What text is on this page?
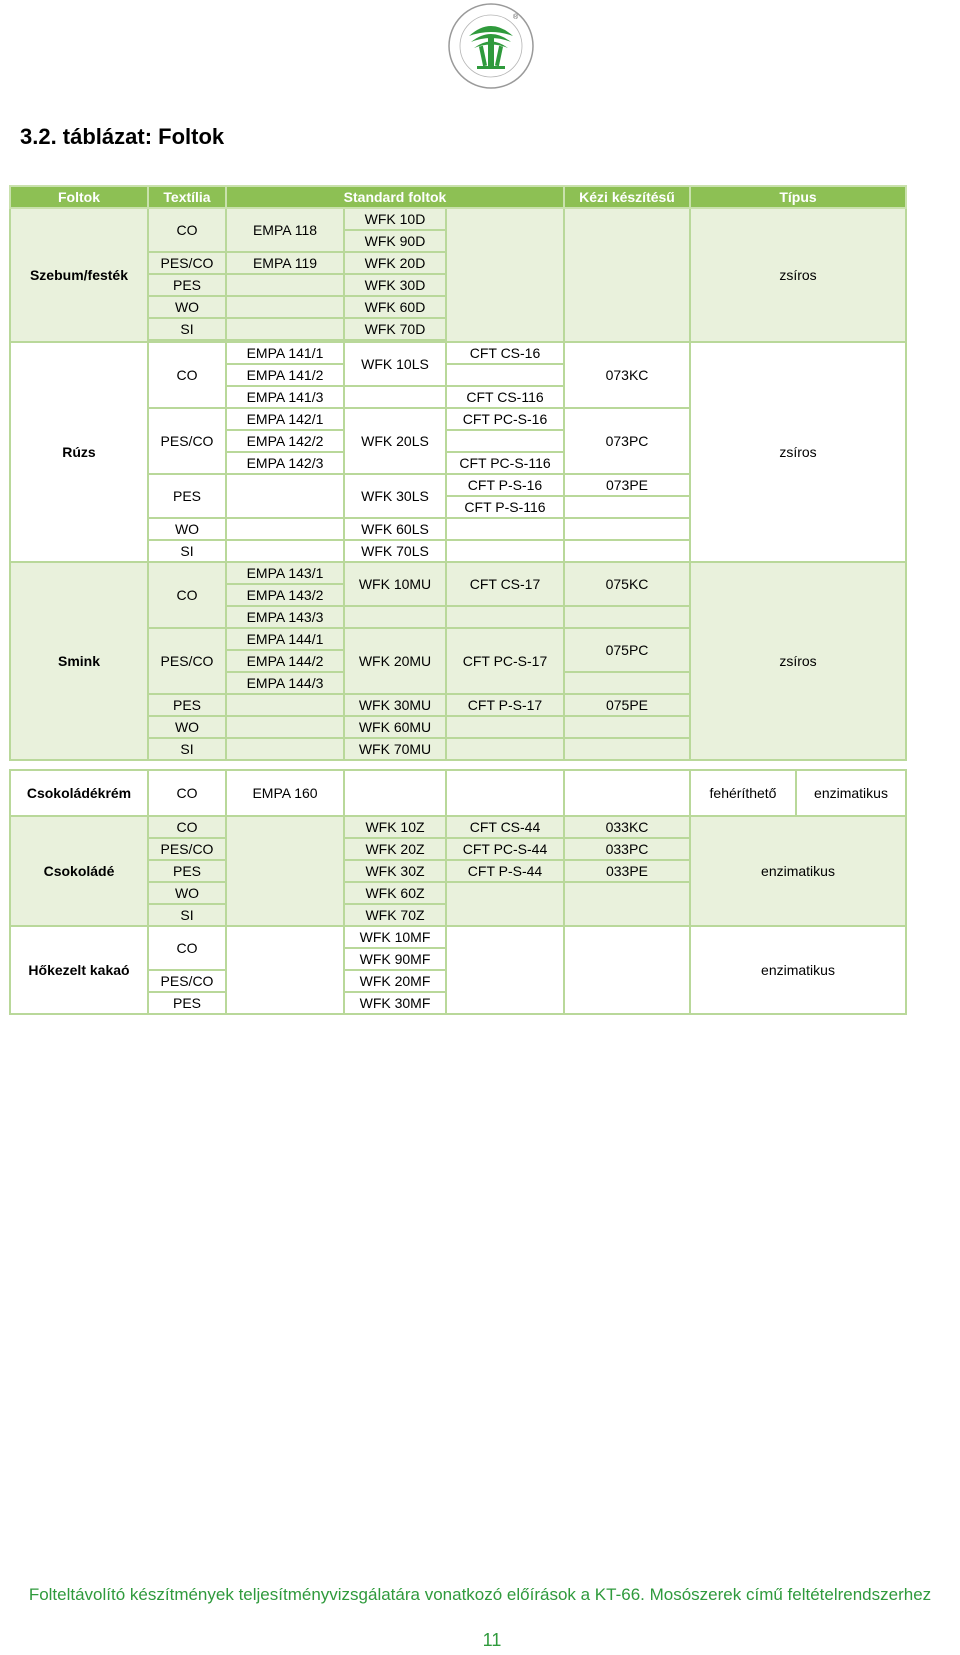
®
3.2. táblázat: Foltok
Foltok	Textília	Standard foltok			Kézi készítésű	Típus
Szebum/festék	CO	EMPA 118	WFK 10D			zsíros
			WFK 90D			
	PES/CO	EMPA 119	WFK 20D			
	PES		WFK 30D			
	WO		WFK 60D			
	SI		WFK 70D			

Rúzs	CO	EMPA 141/1	WFK 10LS	CFT CS-16	073KC	zsíros
		EMPA 141/2				
		EMPA 141/3		CFT CS-116		
	PES/CO	EMPA 142/1	WFK 20LS	CFT PC-S-16	073PC	
		EMPA 142/2				
		EMPA 142/3		CFT PC-S-116		
	PES		WFK 30LS	CFT P-S-16	073PE	
				CFT P-S-116		
	WO		WFK 60LS			
	SI		WFK 70LS			
Smink	CO	EMPA 143/1	WFK 10MU	CFT CS-17	075KC	zsíros
		EMPA 143/2				
		EMPA 143/3				
	PES/CO	EMPA 144/1	WFK 20MU	CFT PC-S-17	075PC	
		EMPA 144/2				
		EMPA 144/3				
	PES		WFK 30MU	CFT P-S-17	075PE	
	WO		WFK 60MU			
	SI		WFK 70MU			
Csokoládékrém	CO	EMPA 160				fehéríthető	enzimatikus
Csokoládé	CO		WFK 10Z	CFT CS-44	033KC	enzimatikus
	PES/CO		WFK 20Z	CFT PC-S-44	033PC	
	PES		WFK 30Z	CFT P-S-44	033PE	
	WO		WFK 60Z			
	SI		WFK 70Z			
Hőkezelt kakaó	CO		WFK 10MF			enzimatikus
			WFK 90MF			
	PES/CO		WFK 20MF			
	PES		WFK 30MF			
Folteltávolító készítmények teljesítményvizsgálatára vonatkozó előírások a KT-66. Mosószerek című feltételrendszerhez
11
